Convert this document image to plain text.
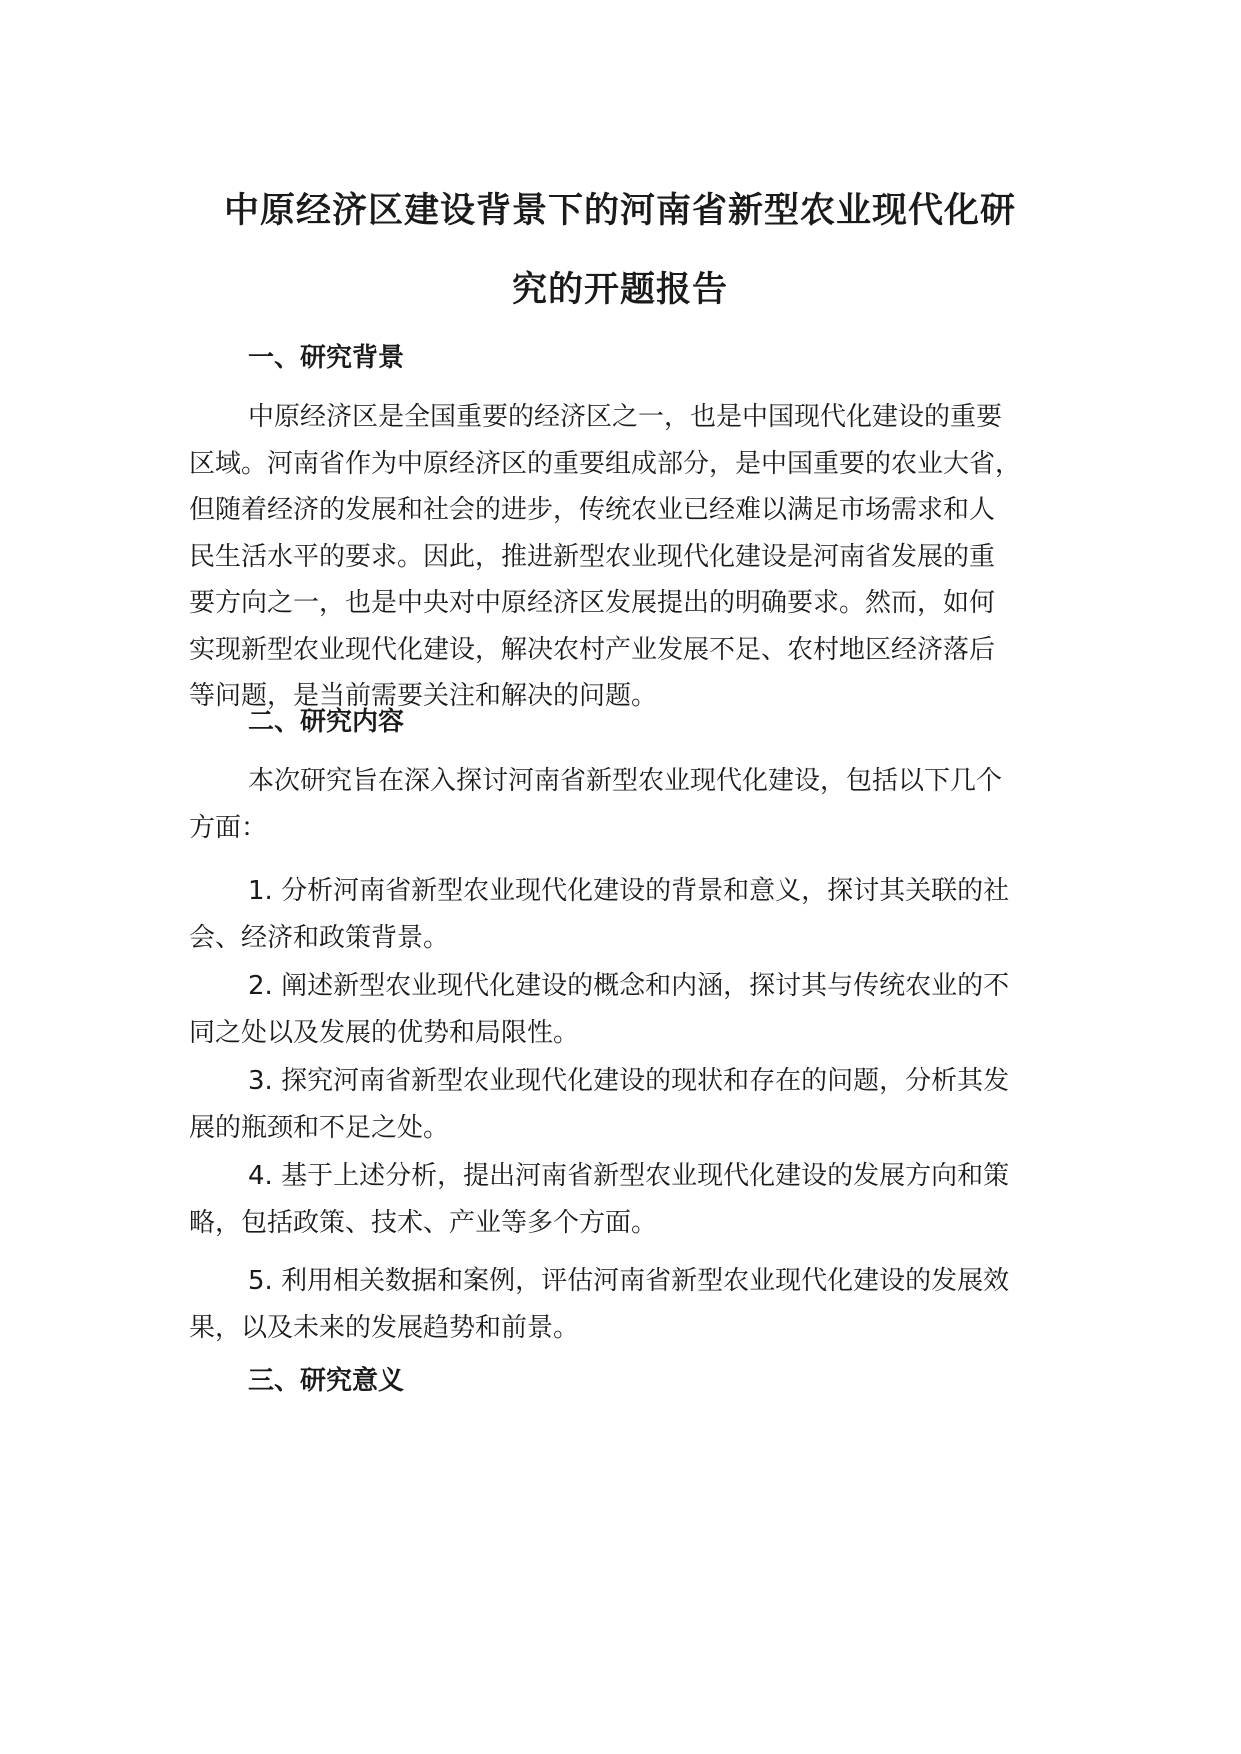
中原经济区建设背景下的河南省新型农业现代化研
究的开题报告
一、研究背景

中原经济区是全国重要的经济区之一，也是中国现代化建设的重要
区域。河南省作为中原经济区的重要组成部分，是中国重要的农业大省，
但随着经济的发展和社会的进步，传统农业已经难以满足市场需求和人
民生活水平的要求。因此，推进新型农业现代化建设是河南省发展的重
要方向之一，也是中央对中原经济区发展提出的明确要求。然而，如何
实现新型农业现代化建设，解决农村产业发展不足、农村地区经济落后
等问题，是当前需要关注和解决的问题。

二、研究内容

本次研究旨在深入探讨河南省新型农业现代化建设，包括以下几个
方面：

1. 分析河南省新型农业现代化建设的背景和意义，探讨其关联的社
会、经济和政策背景。

2. 阐述新型农业现代化建设的概念和内涵，探讨其与传统农业的不
同之处以及发展的优势和局限性。

3. 探究河南省新型农业现代化建设的现状和存在的问题，分析其发
展的瓶颈和不足之处。

4. 基于上述分析，提出河南省新型农业现代化建设的发展方向和策
略，包括政策、技术、产业等多个方面。

5. 利用相关数据和案例，评估河南省新型农业现代化建设的发展效
果，以及未来的发展趋势和前景。

三、研究意义
